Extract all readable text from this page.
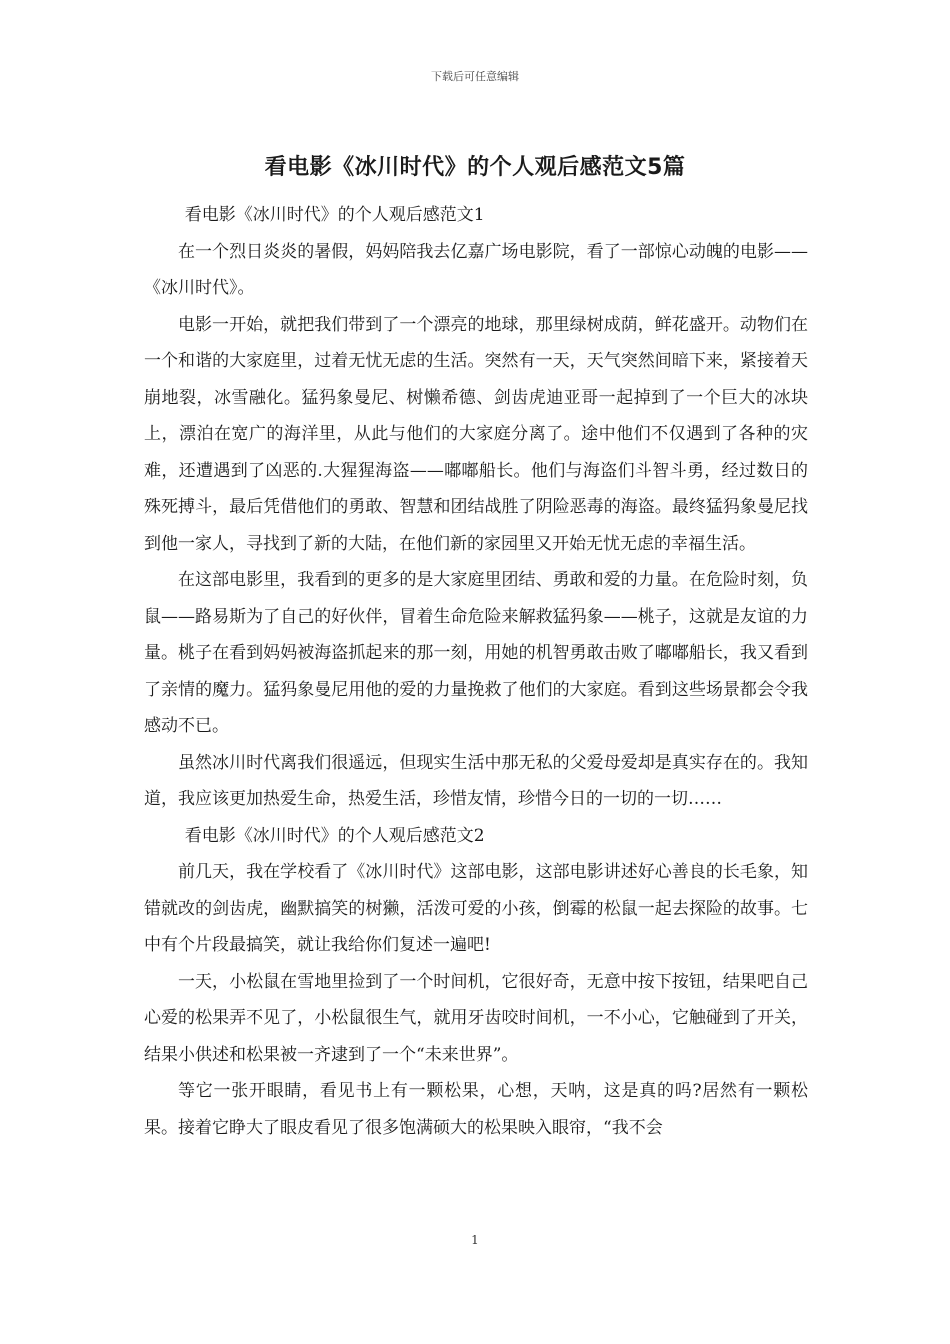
下载后可任意编辑
看电影《冰川时代》的个人观后感范文5篇

看电影《冰川时代》的个人观后感范文1

在一个烈日炎炎的暑假，妈妈陪我去亿嘉广场电影院，看了一部惊心动魄的电影——《冰川时代》。

电影一开始，就把我们带到了一个漂亮的地球，那里绿树成荫，鲜花盛开。动物们在一个和谐的大家庭里，过着无忧无虑的生活。突然有一天，天气突然间暗下来，紧接着天崩地裂，冰雪融化。猛犸象曼尼、树懒希德、剑齿虎迪亚哥一起掉到了一个巨大的冰块上，漂泊在宽广的海洋里，从此与他们的大家庭分离了。途中他们不仅遇到了各种的灾难，还遭遇到了凶恶的.大猩猩海盗——嘟嘟船长。他们与海盗们斗智斗勇，经过数日的殊死搏斗，最后凭借他们的勇敢、智慧和团结战胜了阴险恶毒的海盗。最终猛犸象曼尼找到他一家人，寻找到了新的大陆，在他们新的家园里又开始无忧无虑的幸福生活。

在这部电影里，我看到的更多的是大家庭里团结、勇敢和爱的力量。在危险时刻，负鼠——路易斯为了自己的好伙伴，冒着生命危险来解救猛犸象——桃子，这就是友谊的力量。桃子在看到妈妈被海盗抓起来的那一刻，用她的机智勇敢击败了嘟嘟船长，我又看到了亲情的魔力。猛犸象曼尼用他的爱的力量挽救了他们的大家庭。看到这些场景都会令我感动不已。

虽然冰川时代离我们很遥远，但现实生活中那无私的父爱母爱却是真实存在的。我知道，我应该更加热爱生命，热爱生活，珍惜友情，珍惜今日的一切的一切……

看电影《冰川时代》的个人观后感范文2

前几天，我在学校看了《冰川时代》这部电影，这部电影讲述好心善良的长毛象，知错就改的剑齿虎，幽默搞笑的树獭，活泼可爱的小孩，倒霉的松鼠一起去探险的故事。七中有个片段最搞笑，就让我给你们复述一遍吧!

一天，小松鼠在雪地里捡到了一个时间机，它很好奇，无意中按下按钮，结果吧自己心爱的松果弄不见了，小松鼠很生气，就用牙齿咬时间机，一不小心，它触碰到了开关，结果小供述和松果被一齐逮到了一个“未来世界”。

等它一张开眼睛，看见书上有一颗松果，心想，天呐，这是真的吗?居然有一颗松果。接着它睁大了眼皮看见了很多饱满硕大的松果映入眼帘，“我不会

1
